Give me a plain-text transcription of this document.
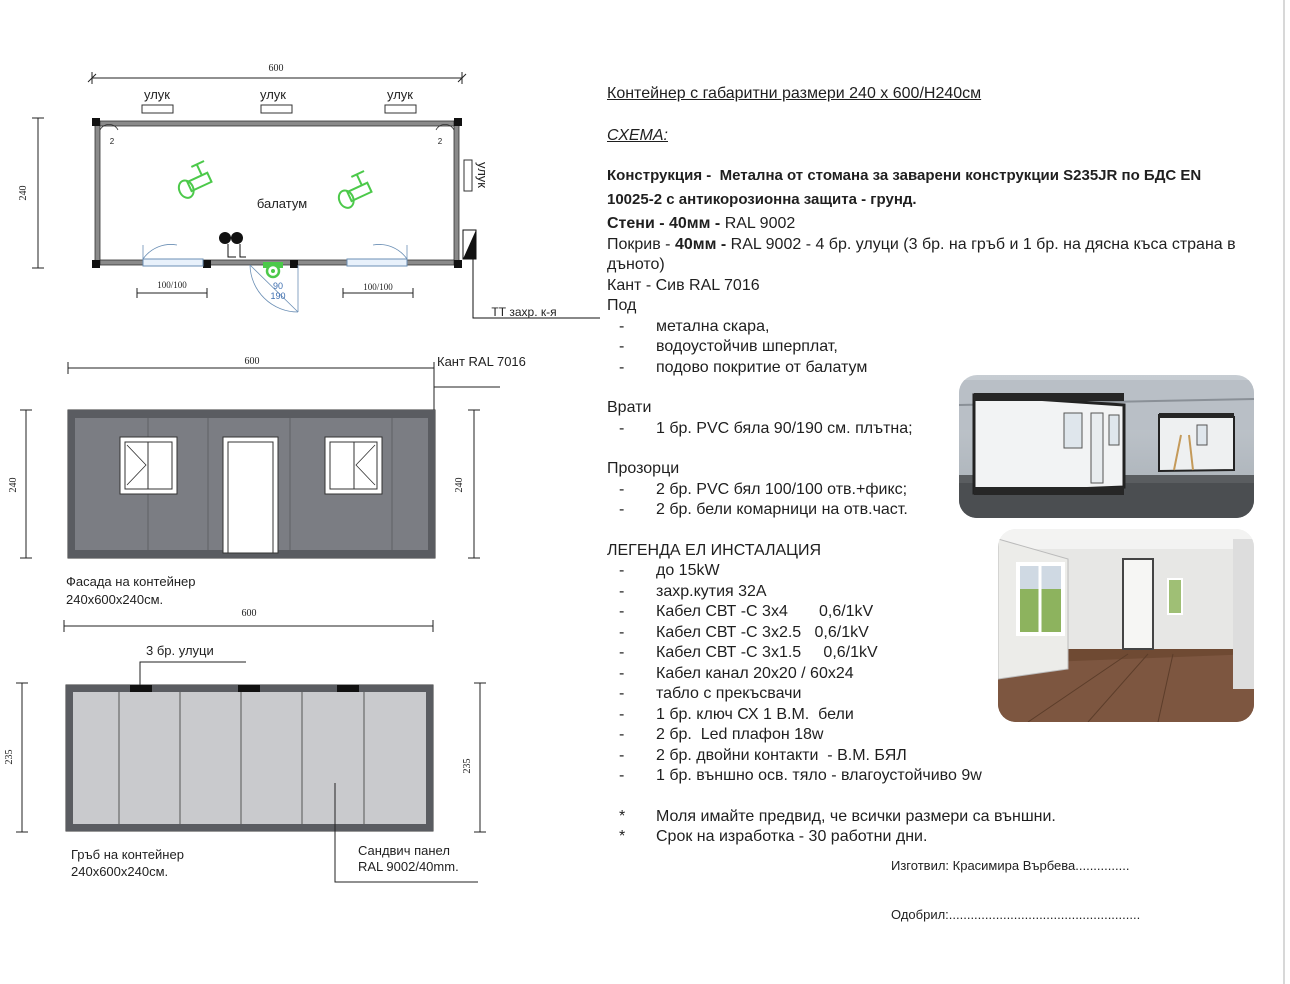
600
240
улук	улук	улук
улук
2	2
100/100	100/100
90
190
балатум
ТТ захр. к-я
600
240	240
Кант RAL 7016
Фасада на контейнер
240х600х240см.
600
235
235
3 бр. улуци
Гръб на контейнер
240х600х240см.
Сандвич панел
RAL 9002/40mm.
Контейнер с габаритни размери 240 х 600/Н240см
СХЕМА:
Конструкция - Метална от стомана за заварени конструкции S235JR по БДС EN 10025-2 с антикорозионна защита - грунд.
Стени - 40мм - RAL 9002
Покрив - 40мм - RAL 9002 - 4 бр. улуци (3 бр. на гръб и 1 бр. на дясна къса страна в дъното)
Кант - Сив RAL 7016
Под
- метална скара,
- водоустойчив шперплат,
- подово покритие от балатум
Врати
- 1 бр. PVC бяла 90/190 см. плътна;
Прозорци
- 2 бр. PVC бял 100/100 отв.+фикс;
- 2 бр. бели комарници на отв.част.
ЛЕГЕНДА ЕЛ ИНСТАЛАЦИЯ
- до 15kW
- захр.кутия 32А
- Кабел СВТ -С 3х4       0,6/1kV
- Кабел СВТ -С 3х2.5   0,6/1kV
- Кабел СВТ -С 3х1.5     0,6/1kV
- Кабел канал 20х20 / 60х24
- табло с прекъсвачи
- 1 бр. ключ СХ 1 В.М.  бели
- 2 бр.  Led плафон 18w
- 2 бр. двойни контакти  - В.М. БЯЛ
- 1 бр. външно осв. тяло - влагоустойчиво 9w
* Моля имайте предвид, че всички размери са външни.
* Срок на изработка - 30 работни дни.
Изготвил: Красимира Върбева...............
Одобрил:.....................................................
